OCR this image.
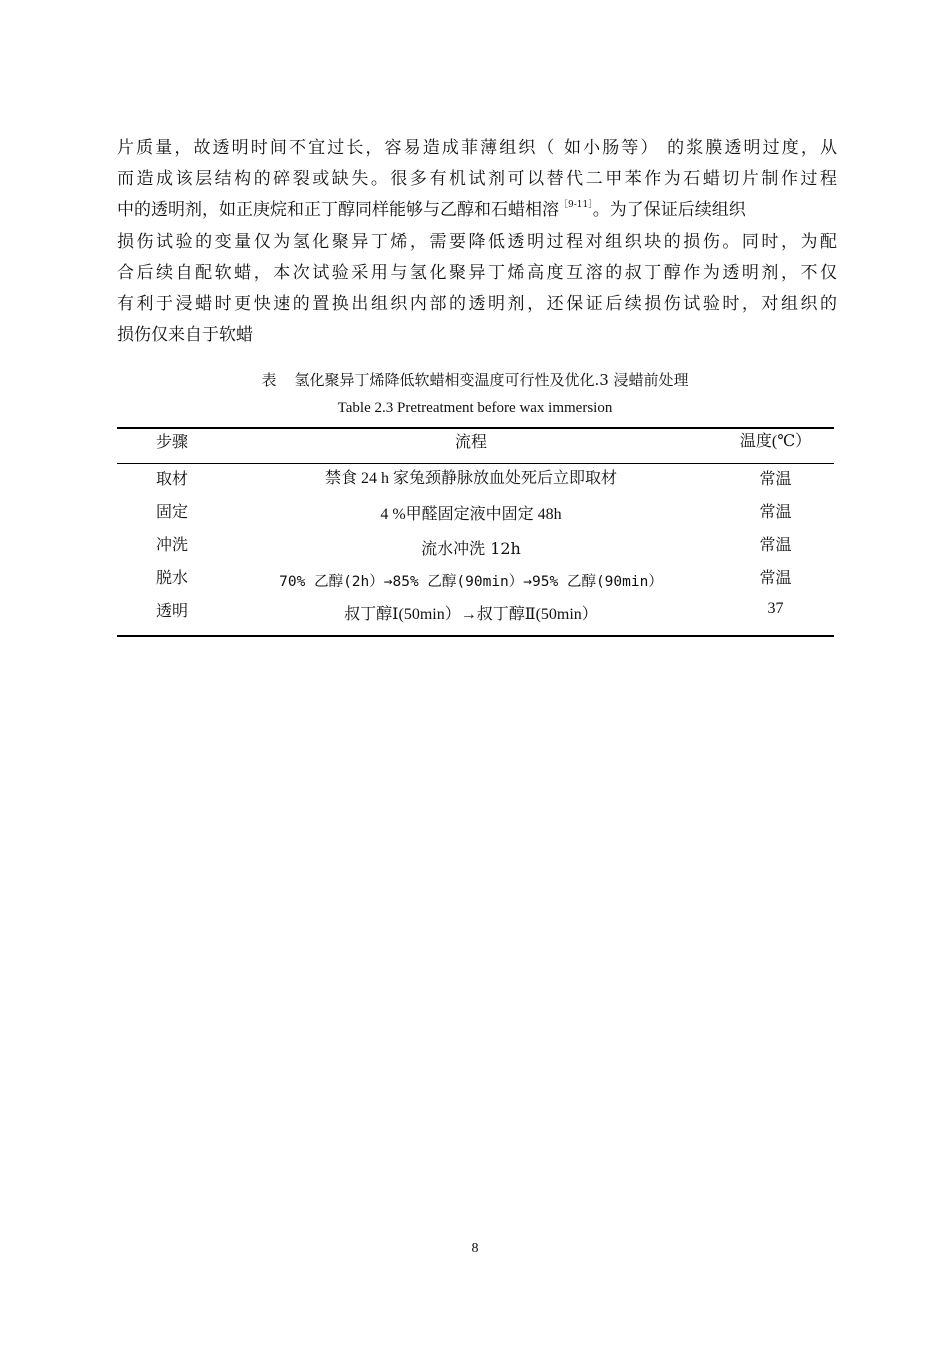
片质量，故透明时间不宜过长，容易造成菲薄组织（ 如小肠等） 的浆膜透明过度，从
而造成该层结构的碎裂或缺失。很多有机试剂可以替代二甲苯作为石蜡切片制作过程
中的透明剂，如正庚烷和正丁醇同样能够与乙醇和石蜡相溶$^{[9-11]}$。为了保证后续组织
损伤试验的变量仅为氢化聚异丁烯，需要降低透明过程对组织块的损伤。同时，为配
合后续自配软蜡，本次试验采用与氢化聚异丁烯高度互溶的叔丁醇作为透明剂，不仅
有利于浸蜡时更快速的置换出组织内部的透明剂，还保证后续损伤试验时，对组织的
损伤仅来自于软蜡
表 氢化聚异丁烯降低软蜡相变温度可行性及优化.3 浸蜡前处理
Table 2.3 Pretreatment before wax immersion
步骤	流程	温度(℃）
取材	禁食 24 h 家兔颈静脉放血处死后立即取材	常温
固定	4 %甲醛固定液中固定 48h	常温
冲洗	流水冲洗 12h	常温
脱水	70% 乙醇(2h）→85% 乙醇(90min）→95% 乙醇(90min）	常温
透明	叔丁醇Ⅰ(50min）→叔丁醇Ⅱ(50min）	37
8
